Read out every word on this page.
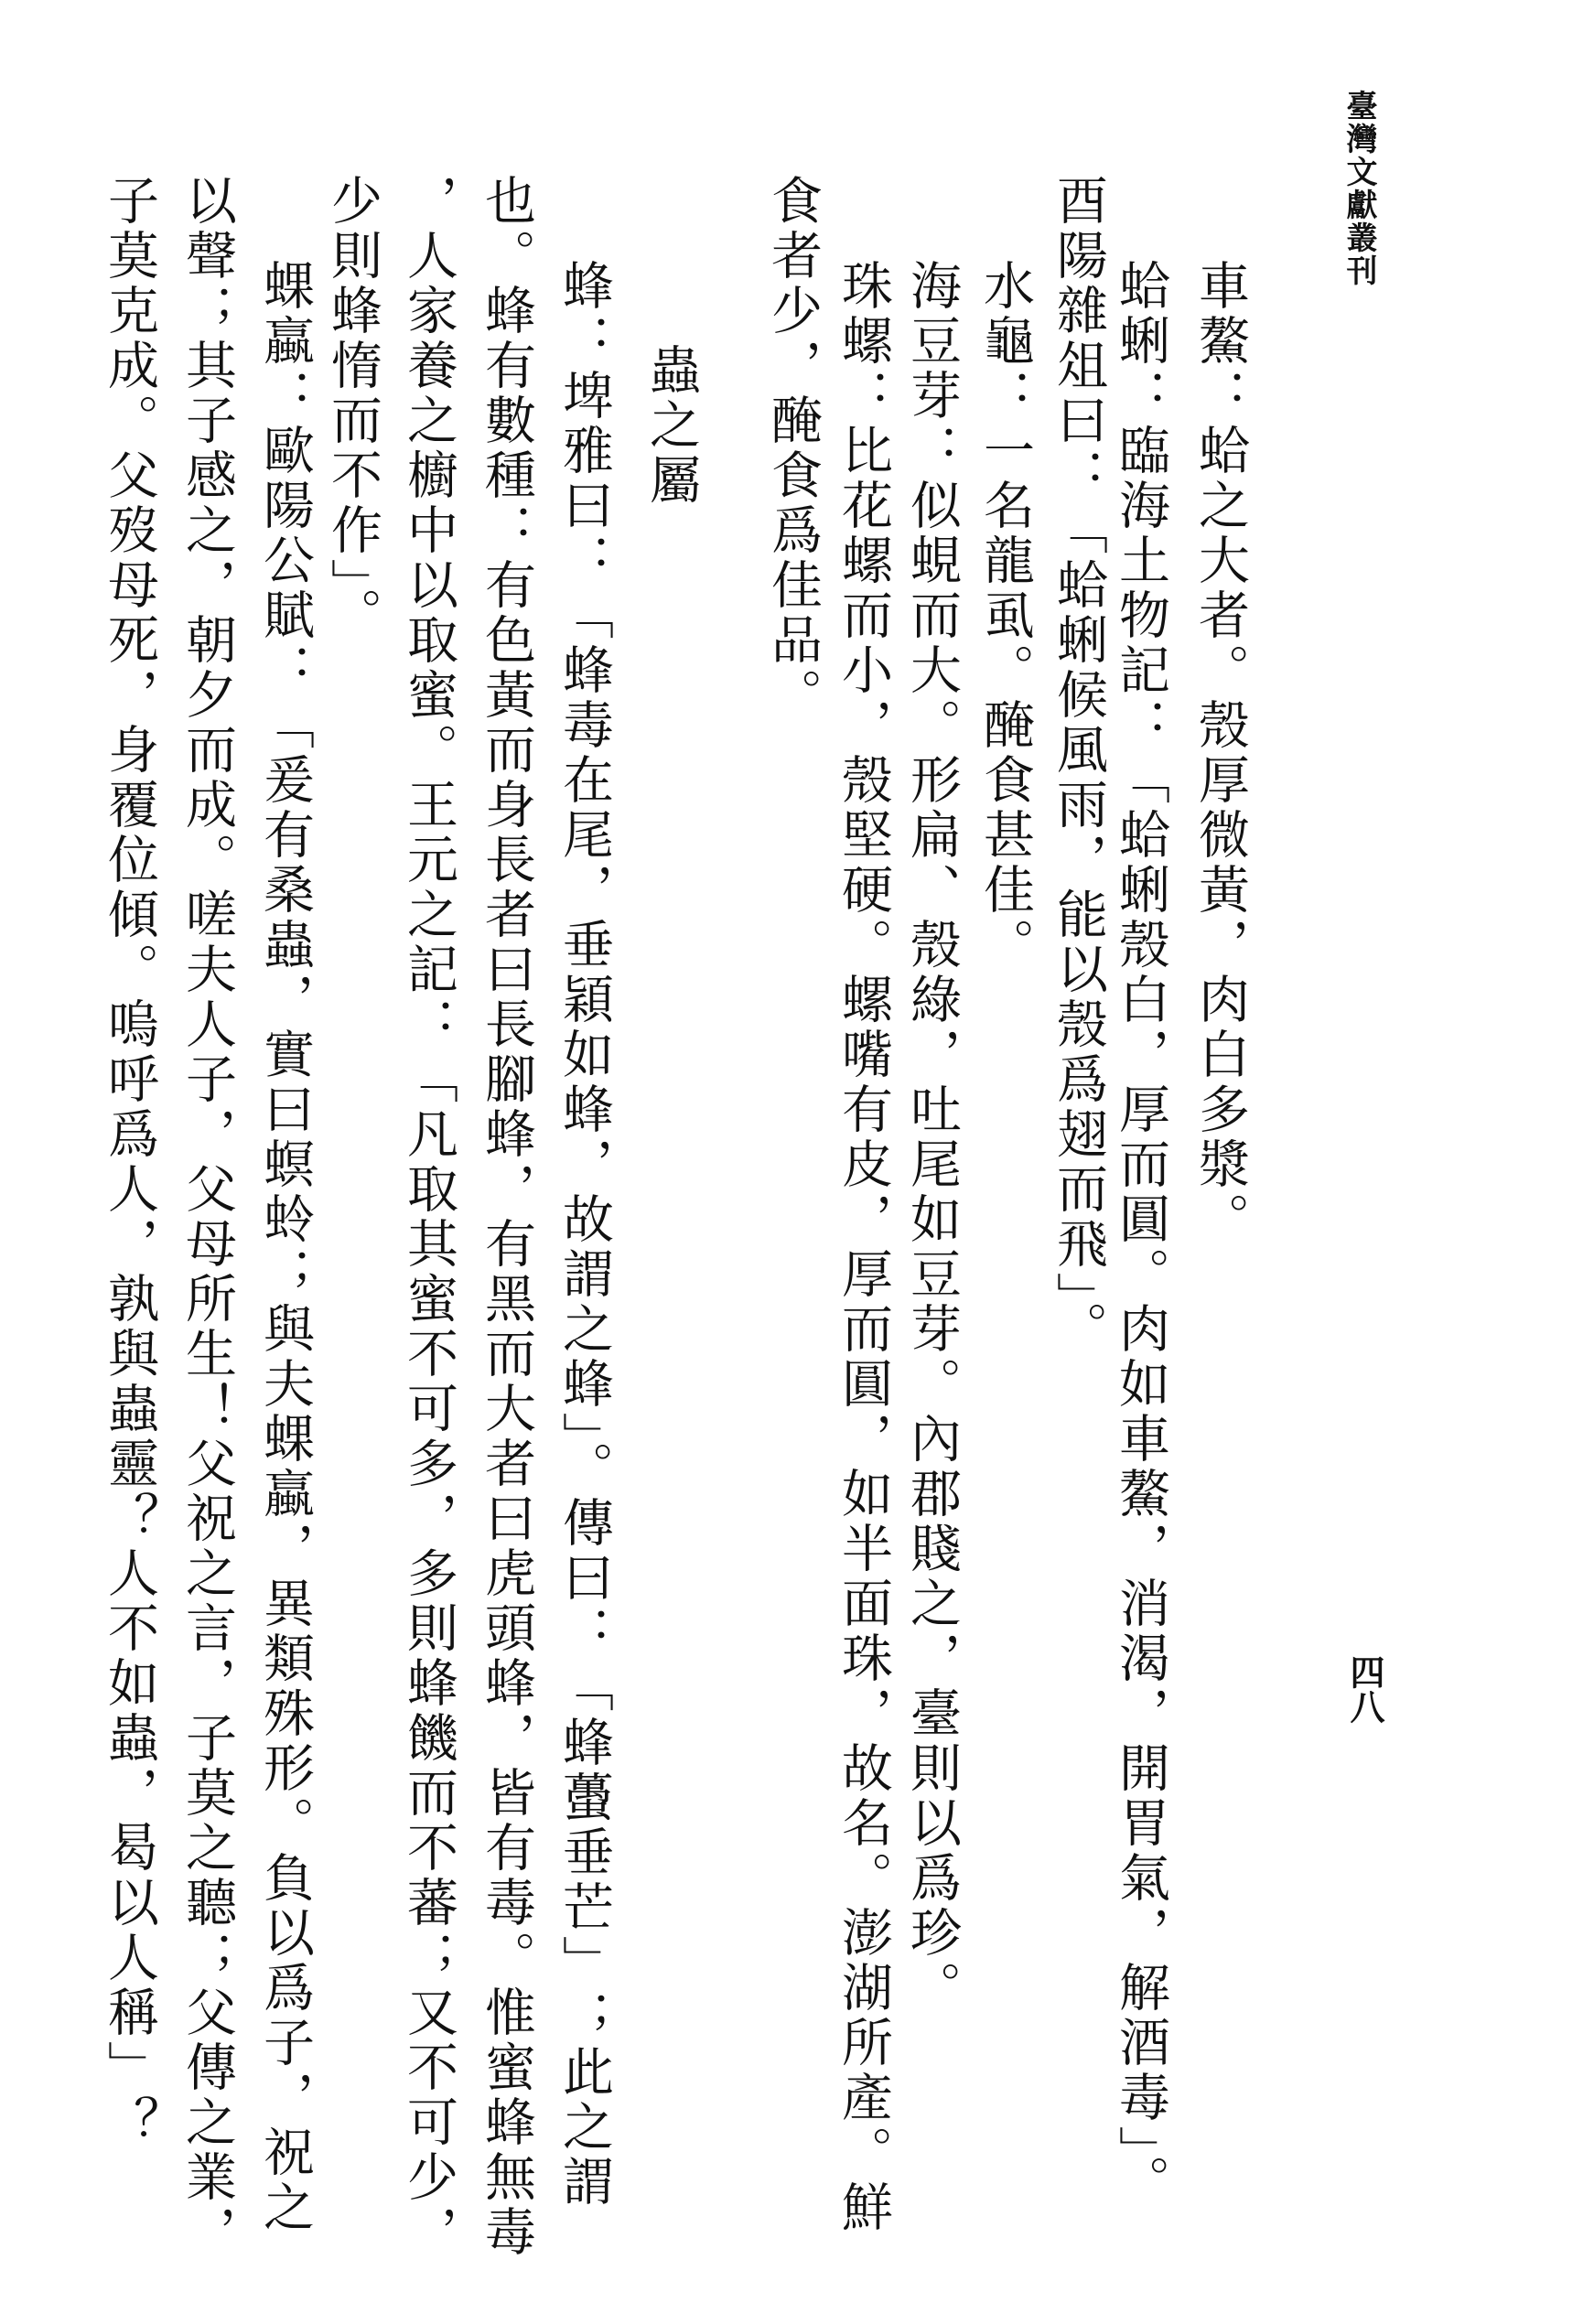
臺灣文獻叢刊
四八
車鰲：蛤之大者。殼厚微黃，肉白多漿。
蛤蜊：臨海土物記：「蛤蜊殼白，厚而圓。肉如車鰲，消渴，開胃氣，解酒毒」。
酉陽雜俎曰：「蛤蜊候風雨，能以殼爲翅而飛」。
水龜：一名龍虱。醃食甚佳。
海豆芽：似蜆而大。形扁、殼綠，吐尾如豆芽。內郡賤之，臺則以爲珍。
珠螺：比花螺而小，殼堅硬。螺嘴有皮，厚而圓，如半面珠，故名。澎湖所產。鮮
食者少，醃食爲佳品。
蟲之屬
蜂：埤雅曰：「蜂毒在尾，垂穎如蜂，故謂之蜂」。傳曰：「蜂蠆垂芒」；此之謂
也。蜂有數種：有色黃而身長者曰長腳蜂，有黑而大者曰虎頭蜂，皆有毒。惟蜜蜂無毒
，人家養之櫥中以取蜜。王元之記：「凡取其蜜不可多，多則蜂饑而不蕃；又不可少，
少則蜂惰而不作」。
蜾蠃：歐陽公賦：「爰有桑蟲，實曰螟蛉；與夫蜾蠃，異類殊形。負以爲子，祝之
以聲；其子感之，朝夕而成。嗟夫人子，父母所生！父祝之言，子莫之聽；父傳之業，
子莫克成。父歿母死，身覆位傾。嗚呼爲人，孰與蟲靈？人不如蟲，曷以人稱」？
